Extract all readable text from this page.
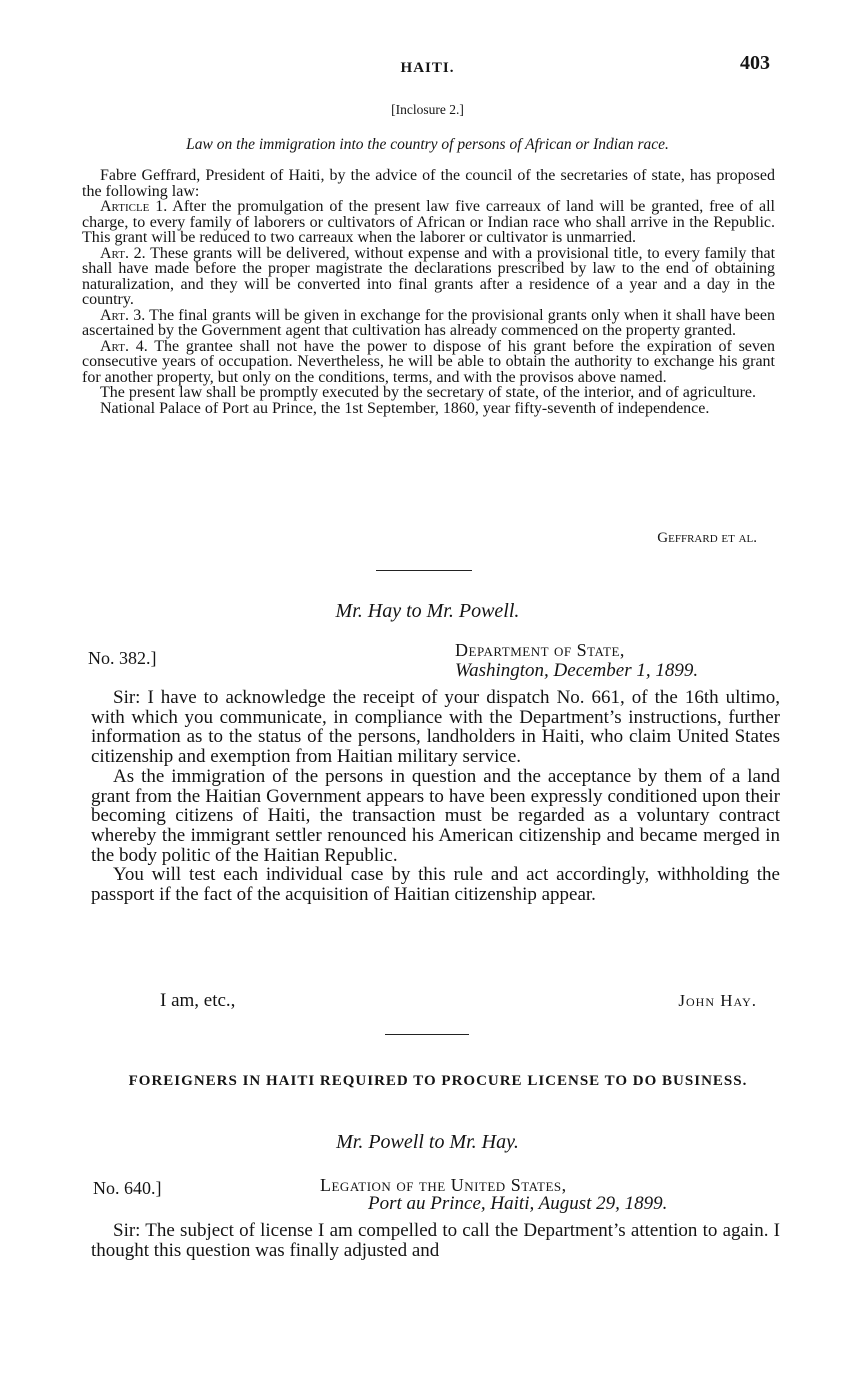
HAITI.	403
[Inclosure 2.]
Law on the immigration into the country of persons of African or Indian race.

Fabre Geffrard, President of Haiti, by the advice of the council of the secretaries of state, has proposed the following law:

Article 1. After the promulgation of the present law five carreaux of land will be granted, free of all charge, to every family of laborers or cultivators of African or Indian race who shall arrive in the Republic. This grant will be reduced to two carreaux when the laborer or cultivator is unmarried.

Art. 2. These grants will be delivered, without expense and with a provisional title, to every family that shall have made before the proper magistrate the declarations prescribed by law to the end of obtaining naturalization, and they will be converted into final grants after a residence of a year and a day in the country.

Art. 3. The final grants will be given in exchange for the provisional grants only when it shall have been ascertained by the Government agent that cultivation has already commenced on the property granted.

Art. 4. The grantee shall not have the power to dispose of his grant before the expiration of seven consecutive years of occupation. Nevertheless, he will be able to obtain the authority to exchange his grant for another property, but only on the conditions, terms, and with the provisos above named.

The present law shall be promptly executed by the secretary of state, of the interior, and of agriculture.

National Palace of Port au Prince, the 1st September, 1860, year fifty-seventh of independence.

Geffrard et al.
Mr. Hay to Mr. Powell.
No. 382.]	Department of State,
Washington, December 1, 1899.

Sir: I have to acknowledge the receipt of your dispatch No. 661, of the 16th ultimo, with which you communicate, in compliance with the Department’s instructions, further information as to the status of the persons, landholders in Haiti, who claim United States citizenship and exemption from Haitian military service.

As the immigration of the persons in question and the acceptance by them of a land grant from the Haitian Government appears to have been expressly conditioned upon their becoming citizens of Haiti, the transaction must be regarded as a voluntary contract whereby the immigrant settler renounced his American citizenship and became merged in the body politic of the Haitian Republic.

You will test each individual case by this rule and act accordingly, withholding the passport if the fact of the acquisition of Haitian citizenship appear.

I am, etc.,	John Hay.
FOREIGNERS IN HAITI REQUIRED TO PROCURE LICENSE TO DO BUSINESS.
Mr. Powell to Mr. Hay.
No. 640.]	Legation of the United States,
Port au Prince, Haiti, August 29, 1899.

Sir: The subject of license I am compelled to call the Department’s attention to again. I thought this question was finally adjusted and
